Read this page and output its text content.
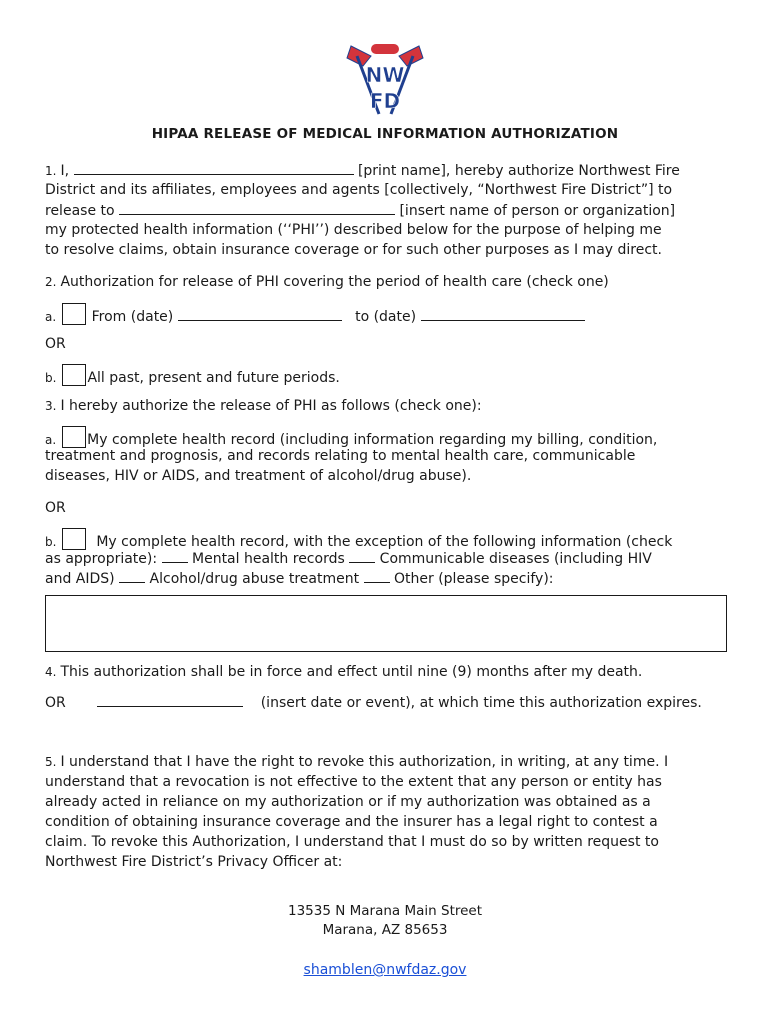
NW
FD
HIPAA RELEASE OF MEDICAL INFORMATION AUTHORIZATION
1. I,	[print name], hereby authorize Northwest Fire
District and its affiliates, employees and agents [collectively, “Northwest Fire District”] to
release to	[insert name of person or organization]
my protected health information (‘‘PHI’’) described below for the purpose of helping me
to resolve claims, obtain insurance coverage or for such other purposes as I may direct.
2. Authorization for release of PHI covering the period of health care (check one)
a.	From (date)	to (date)
OR
b. All past, present and future periods.
3. I hereby authorize the release of PHI as follows (check one):
a. My complete health record (including information regarding my billing, condition,
treatment and prognosis, and records relating to mental health care, communicable
diseases, HIV or AIDS, and treatment of alcohol/drug abuse).
OR
b.	My complete health record, with the exception of the following information (check
as appropriate): Mental health records Communicable diseases (including HIV
and AIDS) Alcohol/drug abuse treatment Other (please specify):
4. This authorization shall be in force and effect until nine (9) months after my death.
OR	(insert date or event), at which time this authorization expires.
5. I understand that I have the right to revoke this authorization, in writing, at any time. I
understand that a revocation is not effective to the extent that any person or entity has
already acted in reliance on my authorization or if my authorization was obtained as a
condition of obtaining insurance coverage and the insurer has a legal right to contest a
claim. To revoke this Authorization, I understand that I must do so by written request to
Northwest Fire District’s Privacy Officer at:
13535 N Marana Main Street
Marana, AZ 85653
shamblen@nwfdaz.gov
